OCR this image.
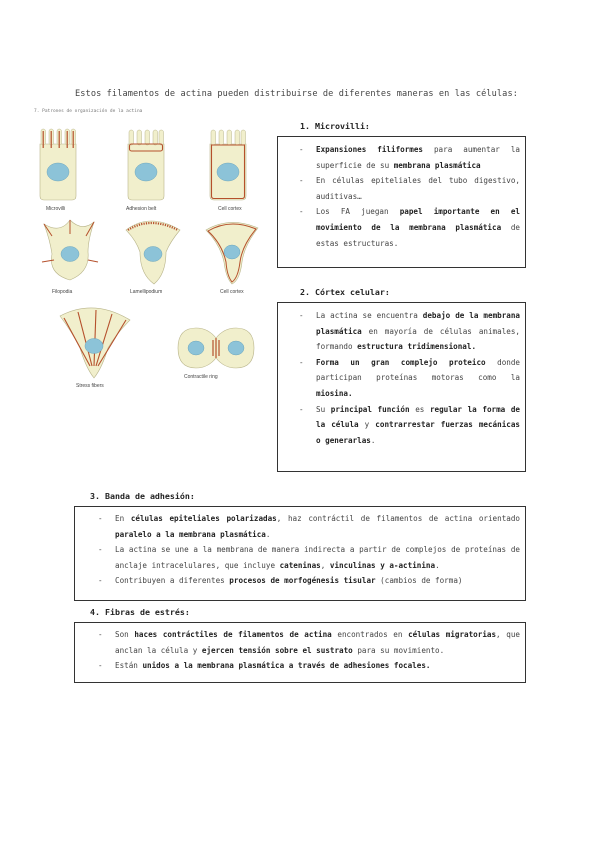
Estos filamentos de actina pueden distribuirse de diferentes maneras en las células:
7. Patrones de organización de la actina
Microvilli	Adhesion belt	Cell cortex
Filopodia	Lamellipodium	Cell cortex
Stress fibers
Contractile ring
1. Microvilli:
- Expansiones filiformes para aumentar la superficie de su membrana plasmática
- En células epiteliales del tubo digestivo, auditivas…
- Los FA juegan papel importante en el movimiento de la membrana plasmática de estas estructuras.
2. Córtex celular:
- La actina se encuentra debajo de la membrana plasmática en mayoría de células animales, formando estructura tridimensional.
- Forma un gran complejo proteico donde participan proteínas motoras como la miosina.
- Su principal función es regular la forma de la célula y contrarrestar fuerzas mecánicas o generarlas.
3. Banda de adhesión:
- En células epiteliales polarizadas, haz contráctil de filamentos de actina orientado paralelo a la membrana plasmática.
- La actina se une a la membrana de manera indirecta a partir de complejos de proteínas de anclaje intracelulares, que incluye cateninas, vinculinas y a-actinina.
- Contribuyen a diferentes procesos de morfogénesis tisular (cambios de forma)
4. Fibras de estrés:
- Son haces contráctiles de filamentos de actina encontrados en células migratorias, que anclan la célula y ejercen tensión sobre el sustrato para su movimiento.
- Están unidos a la membrana plasmática a través de adhesiones focales.
